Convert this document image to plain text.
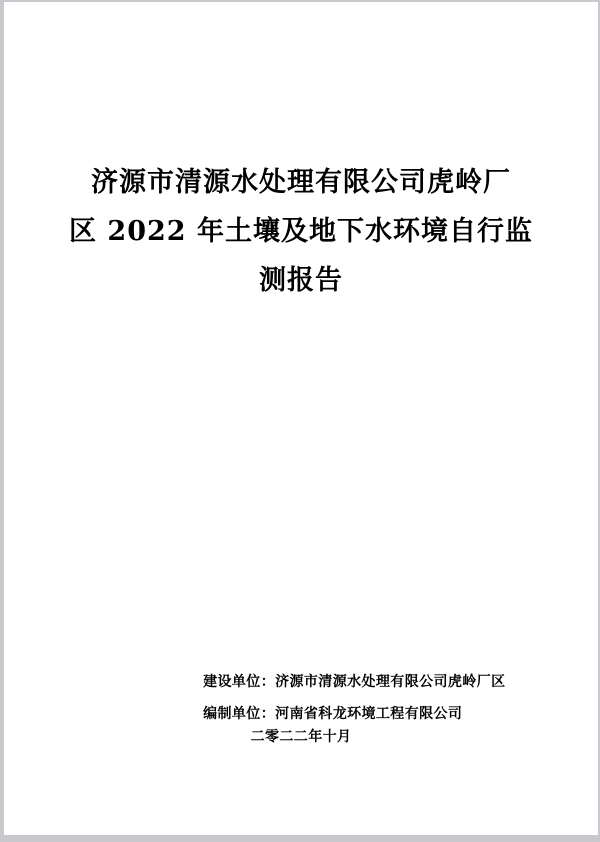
济源市清源水处理有限公司虎岭厂
区 2022 年土壤及地下水环境自行监
测报告

建设单位：济源市清源水处理有限公司虎岭厂区

编制单位：河南省科龙环境工程有限公司

二零二二年十月
